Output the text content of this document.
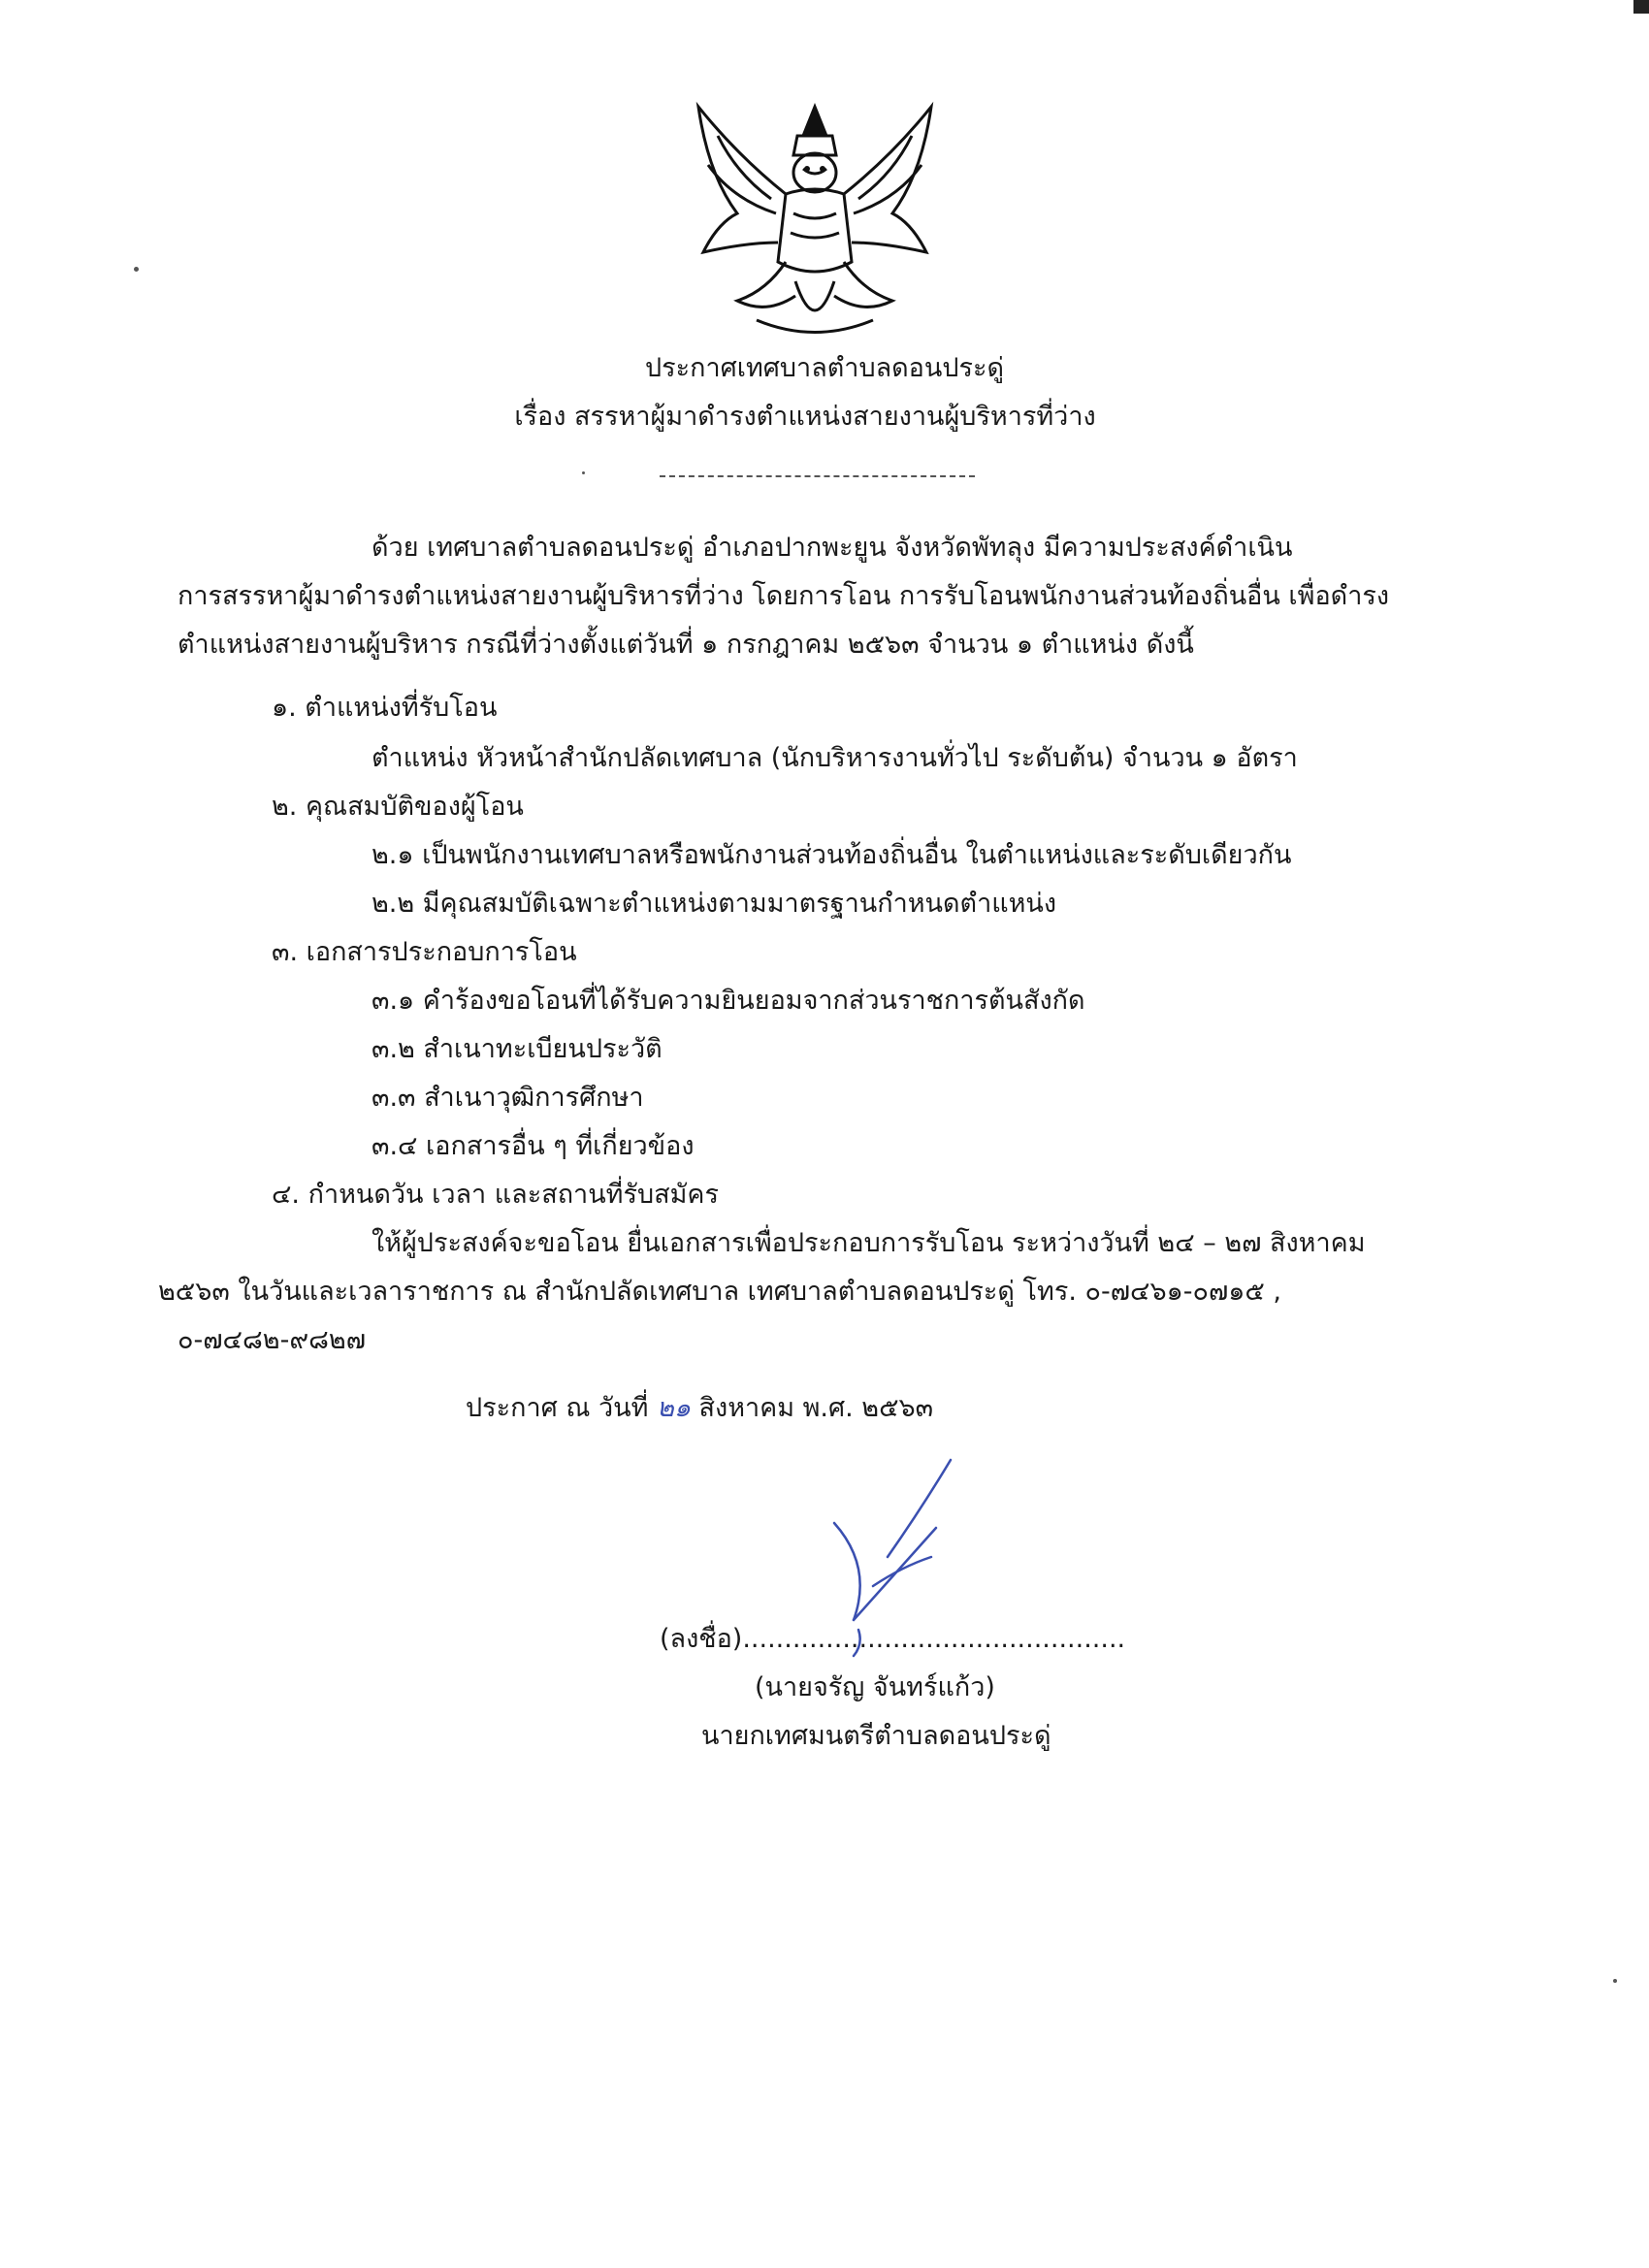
ประกาศเทศบาลตำบลดอนประดู่
เรื่อง สรรหาผู้มาดำรงตำแหน่งสายงานผู้บริหารที่ว่าง
ด้วย เทศบาลตำบลดอนประดู่ อำเภอปากพะยูน จังหวัดพัทลุง มีความประสงค์ดำเนิน
การสรรหาผู้มาดำรงตำแหน่งสายงานผู้บริหารที่ว่าง โดยการโอน การรับโอนพนักงานส่วนท้องถิ่นอื่น เพื่อดำรง
ตำแหน่งสายงานผู้บริหาร กรณีที่ว่างตั้งแต่วันที่ ๑ กรกฎาคม ๒๕๖๓ จำนวน ๑ ตำแหน่ง ดังนี้
๑. ตำแหน่งที่รับโอน
ตำแหน่ง หัวหน้าสำนักปลัดเทศบาล (นักบริหารงานทั่วไป ระดับต้น) จำนวน ๑ อัตรา
๒. คุณสมบัติของผู้โอน
๒.๑ เป็นพนักงานเทศบาลหรือพนักงานส่วนท้องถิ่นอื่น ในตำแหน่งและระดับเดียวกัน
๒.๒ มีคุณสมบัติเฉพาะตำแหน่งตามมาตรฐานกำหนดตำแหน่ง
๓. เอกสารประกอบการโอน
๓.๑ คำร้องขอโอนที่ได้รับความยินยอมจากส่วนราชการต้นสังกัด
๓.๒ สำเนาทะเบียนประวัติ
๓.๓ สำเนาวุฒิการศึกษา
๓.๔ เอกสารอื่น ๆ ที่เกี่ยวข้อง
๔. กำหนดวัน เวลา และสถานที่รับสมัคร
ให้ผู้ประสงค์จะขอโอน ยื่นเอกสารเพื่อประกอบการรับโอน ระหว่างวันที่ ๒๔ – ๒๗ สิงหาคม
๒๕๖๓ ในวันและเวลาราชการ ณ สำนักปลัดเทศบาล เทศบาลตำบลดอนประดู่ โทร. ๐-๗๔๖๑-๐๗๑๕ ,
๐-๗๔๘๒-๙๘๒๗
ประกาศ ณ วันที่ ๒๑ สิงหาคม พ.ศ. ๒๕๖๓
(ลงชื่อ)..............................................
(นายจรัญ จันทร์แก้ว)
นายกเทศมนตรีตำบลดอนประดู่
